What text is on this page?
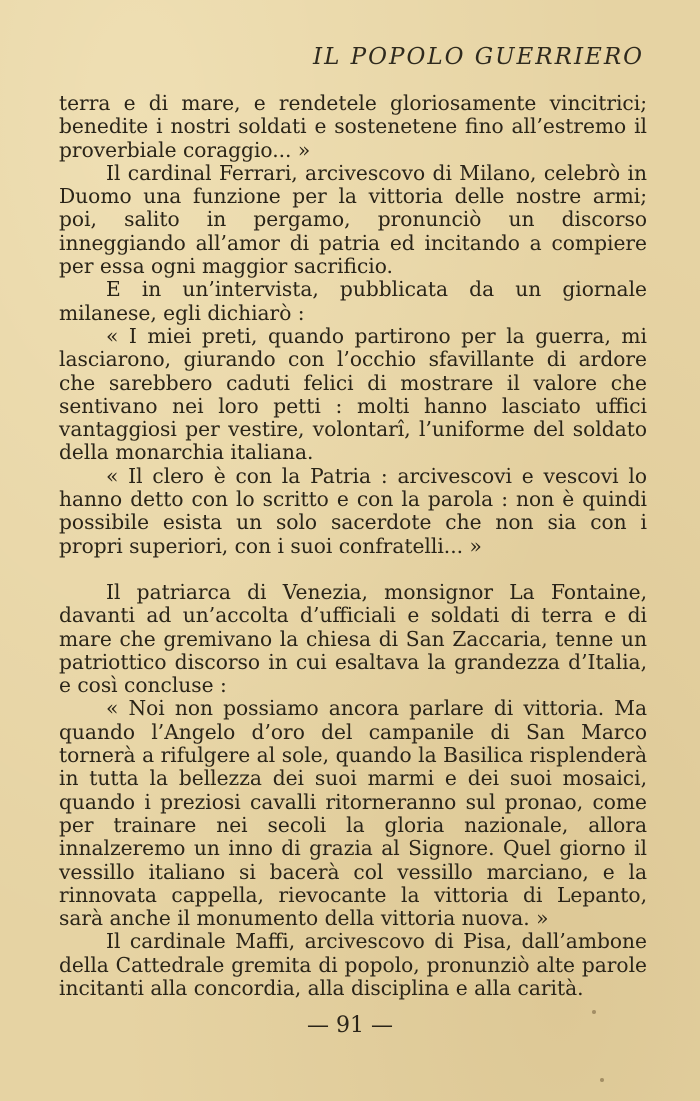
IL POPOLO GUERRIERO

terra e di mare, e rendetele gloriosamente vincitrici; benedite i nostri soldati e sostenetene fino all’estremo il proverbiale coraggio... »

Il cardinal Ferrari, arcivescovo di Milano, celebrò in Duomo una funzione per la vittoria delle nostre armi; poi, salito in pergamo, pronunciò un discorso inneggiando all’amor di patria ed incitando a compiere per essa ogni maggior sacrificio.

E in un’intervista, pubblicata da un giornale milanese, egli dichiarò :

« I miei preti, quando partirono per la guerra, mi lasciarono, giurando con l’occhio sfavillante di ardore che sarebbero caduti felici di mostrare il valore che sentivano nei loro petti : molti hanno lasciato uffici vantaggiosi per vestire, volontarî, l’uniforme del soldato della monarchia italiana.

« Il clero è con la Patria : arcivescovi e vescovi lo hanno detto con lo scritto e con la parola : non è quindi possibile esista un solo sacerdote che non sia con i propri superiori, con i suoi confratelli... »

Il patriarca di Venezia, monsignor La Fontaine, davanti ad un’accolta d’ufficiali e soldati di terra e di mare che gremivano la chiesa di San Zaccaria, tenne un patriottico discorso in cui esaltava la grandezza d’Italia, e così concluse :

« Noi non possiamo ancora parlare di vittoria. Ma quando l’Angelo d’oro del campanile di San Marco tornerà a rifulgere al sole, quando la Basilica risplenderà in tutta la bellezza dei suoi marmi e dei suoi mosaici, quando i preziosi cavalli ritorneranno sul pronao, come per trainare nei secoli la gloria nazionale, allora innalzeremo un inno di grazia al Signore. Quel giorno il vessillo italiano si bacerà col vessillo marciano, e la rinnovata cappella, rievocante la vittoria di Lepanto, sarà anche il monumento della vittoria nuova. »

Il cardinale Maffi, arcivescovo di Pisa, dall’ambone della Cattedrale gremita di popolo, pronunziò alte parole incitanti alla concordia, alla disciplina e alla carità.

— 91 —
